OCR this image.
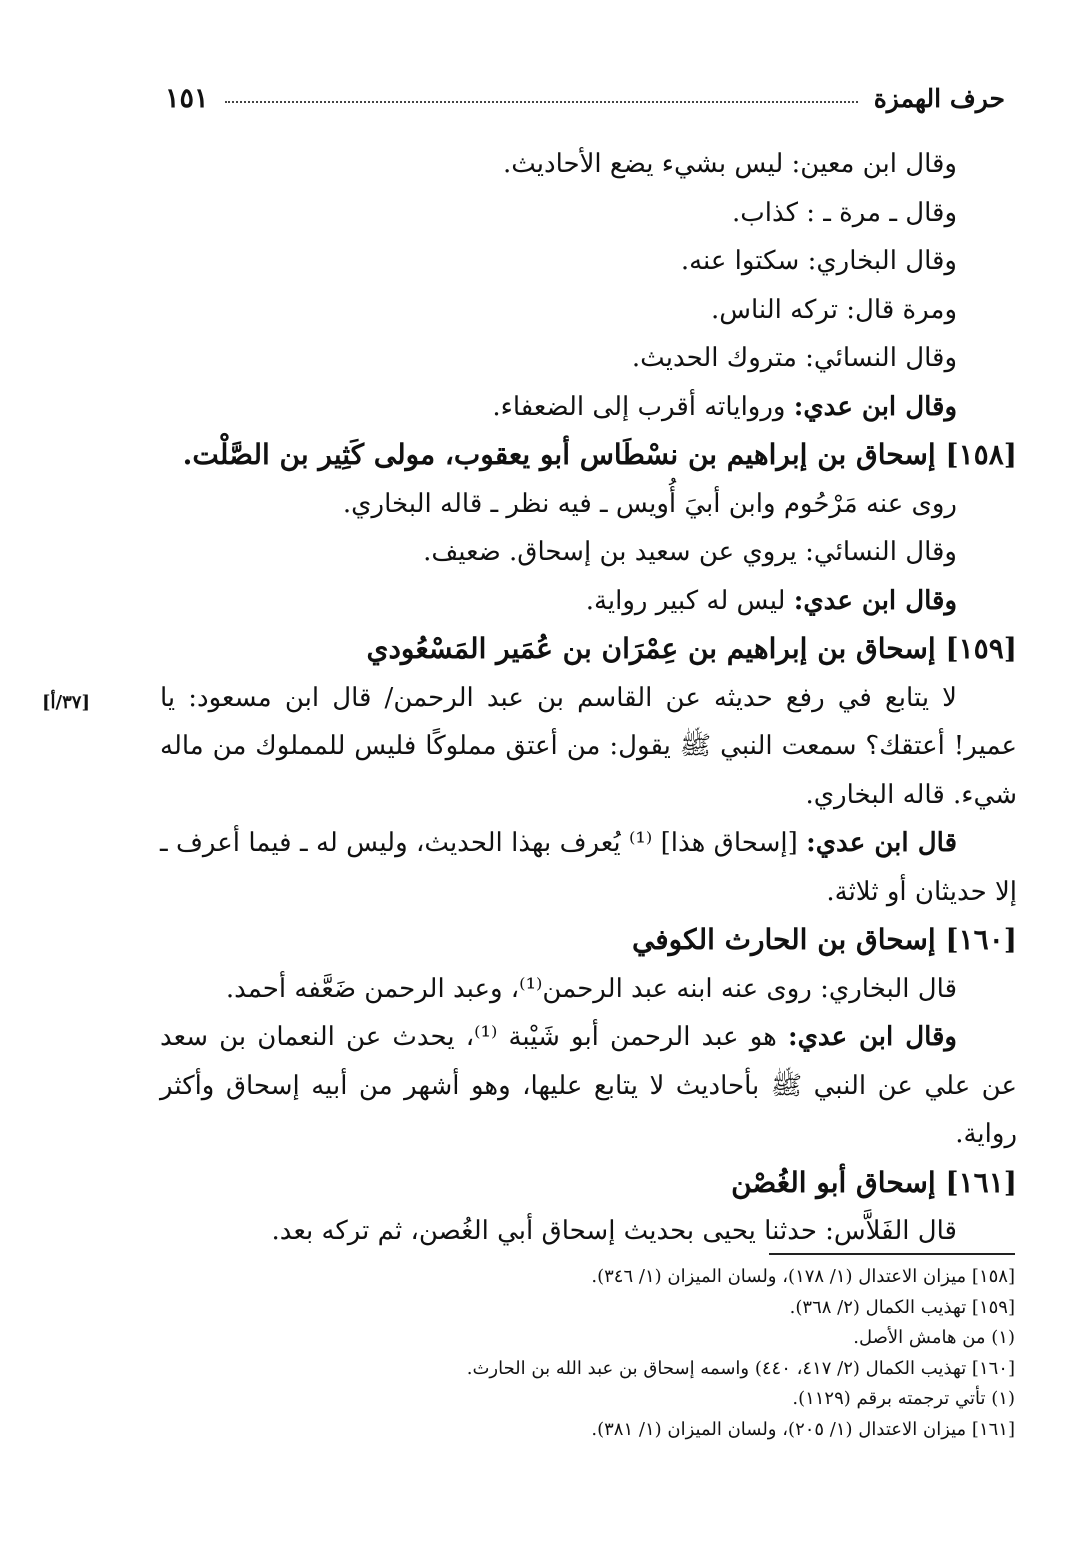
حرف الهمزة
١٥١
وقال ابن معين: ليس بشيء يضع الأحاديث.
وقال ـ مرة ـ : كذاب.
وقال البخاري: سكتوا عنه.
ومرة قال: تركه الناس.
وقال النسائي: متروك الحديث.
وقال ابن عدي: ورواياته أقرب إلى الضعفاء.
[١٥٨] إسحاق بن إبراهيم بن نسْطَاس أبو يعقوب، مولى كَثِير بن الصَّلْت.
روى عنه مَرْحُوم وابن أبيَ أُويس ـ فيه نظر ـ قاله البخاري.
وقال النسائي: يروي عن سعيد بن إسحاق. ضعيف.
وقال ابن عدي: ليس له كبير رواية.
[١٥٩] إسحاق بن إبراهيم بن عِمْرَان بن عُمَير المَسْعُودي
لا يتابع في رفع حديثه عن القاسم بن عبد الرحمن/ قال ابن مسعود: يا عمير! أعتقك؟ سمعت النبي ﷺ يقول: من أعتق مملوكًا فليس للمملوك من ماله شيء. قاله البخاري.
قال ابن عدي: [إسحاق هذا] ⁽¹⁾ يُعرف بهذا الحديث، وليس له ـ فيما أعرف ـ إلا حديثان أو ثلاثة.
[١٦٠] إسحاق بن الحارث الكوفي
قال البخاري: روى عنه ابنه عبد الرحمن⁽¹⁾، وعبد الرحمن ضَعَّفه أحمد.
وقال ابن عدي: هو عبد الرحمن أبو شَيْبة ⁽¹⁾، يحدث عن النعمان بن سعد عن علي عن النبي ﷺ بأحاديث لا يتابع عليها، وهو أشهر من أبيه إسحاق وأكثر رواية.
[١٦١] إسحاق أبو الغُصْن
قال الفَلاَّس: حدثنا يحيى بحديث إسحاق أبي الغُصن، ثم تركه بعد.
[٣٧/أ]
[١٥٨] ميزان الاعتدال (١/ ١٧٨)، ولسان الميزان (١/ ٣٤٦).
[١٥٩] تهذيب الكمال (٢/ ٣٦٨).
(١) من هامش الأصل.
[١٦٠] تهذيب الكمال (٢/ ٤١٧، ٤٤٠) واسمه إسحاق بن عبد الله بن الحارث.
(١) تأتي ترجمته برقم (١١٢٩).
[١٦١] ميزان الاعتدال (١/ ٢٠٥)، ولسان الميزان (١/ ٣٨١).
